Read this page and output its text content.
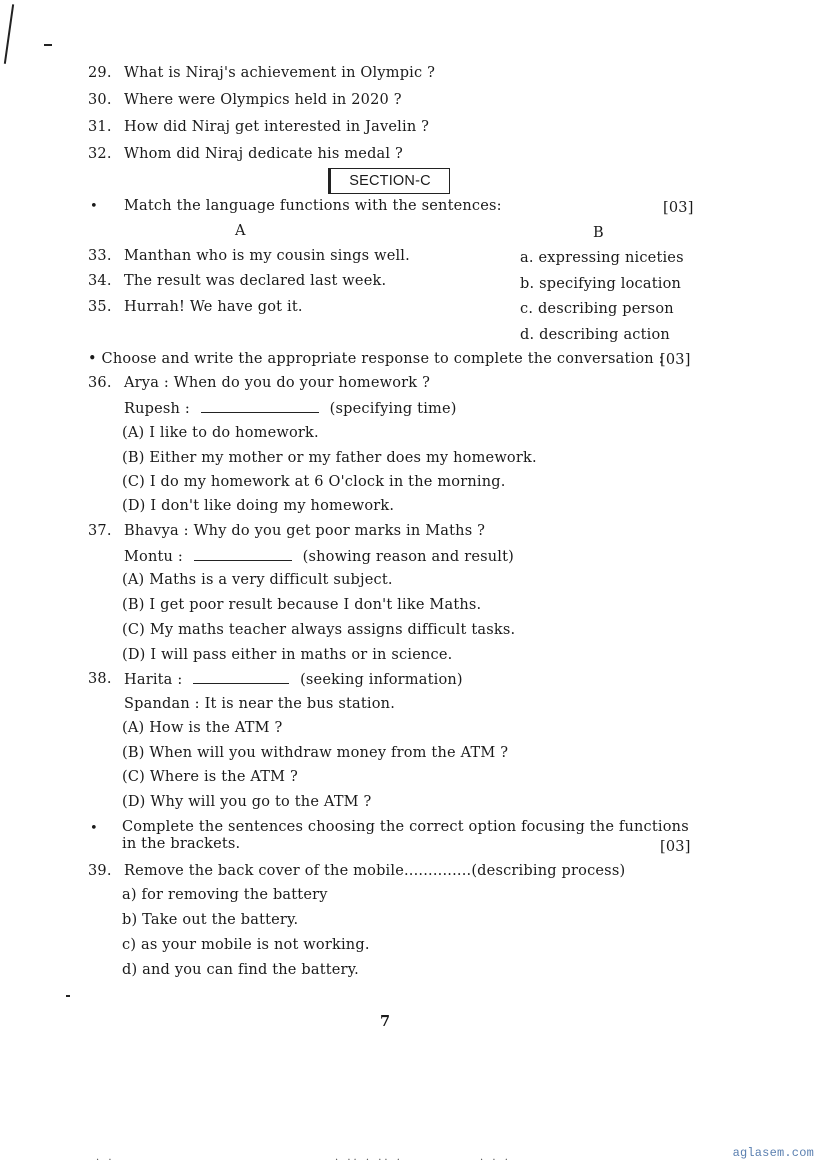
29. What is Niraj's achievement in Olympic ?
30. Where were Olympics held in 2020 ?
31. How did Niraj get interested in Javelin ?
32. Whom did Niraj dedicate his medal ?
SECTION-C
• Match the language functions with the sentences:	[03]
A	B
33. Manthan who is my cousin sings well.
34. The result was declared last week.
35. Hurrah! We have got it.
a. expressing niceties
b. specifying location
c. describing person
d. describing action
• Choose and write the appropriate response to complete the conversation :
[03]
36. Arya : When do you do your homework ?
Rupesh :	(specifying time)
(A) I like to do homework.
(B) Either my mother or my father does my homework.
(C) I do my homework at 6 O'clock in the morning.
(D) I don't like doing my homework.
37. Bhavya : Why do you get poor marks in Maths ?
Montu :	(showing reason and result)
(A) Maths is a very difficult subject.
(B) I get poor result because I don't like Maths.
(C) My maths teacher always assigns difficult tasks.
(D) I will pass either in maths or in science.
38. Harita :	(seeking information)
Spandan : It is near the bus station.
(A) How is the ATM ?
(B) When will you withdraw money from the ATM ?
(C) Where is the ATM ?
(D) Why will you go to the ATM ?
• Complete the sentences choosing the correct option focusing the functions
in the brackets.	[03]
39. Remove the back cover of the mobile..............(describing process)
a) for removing the battery
b) Take out the battery.
c) as your mobile is not working.
d) and you can find the battery.
7
· ·	· ·· · ·· ·	· · ·
aglasem.com
